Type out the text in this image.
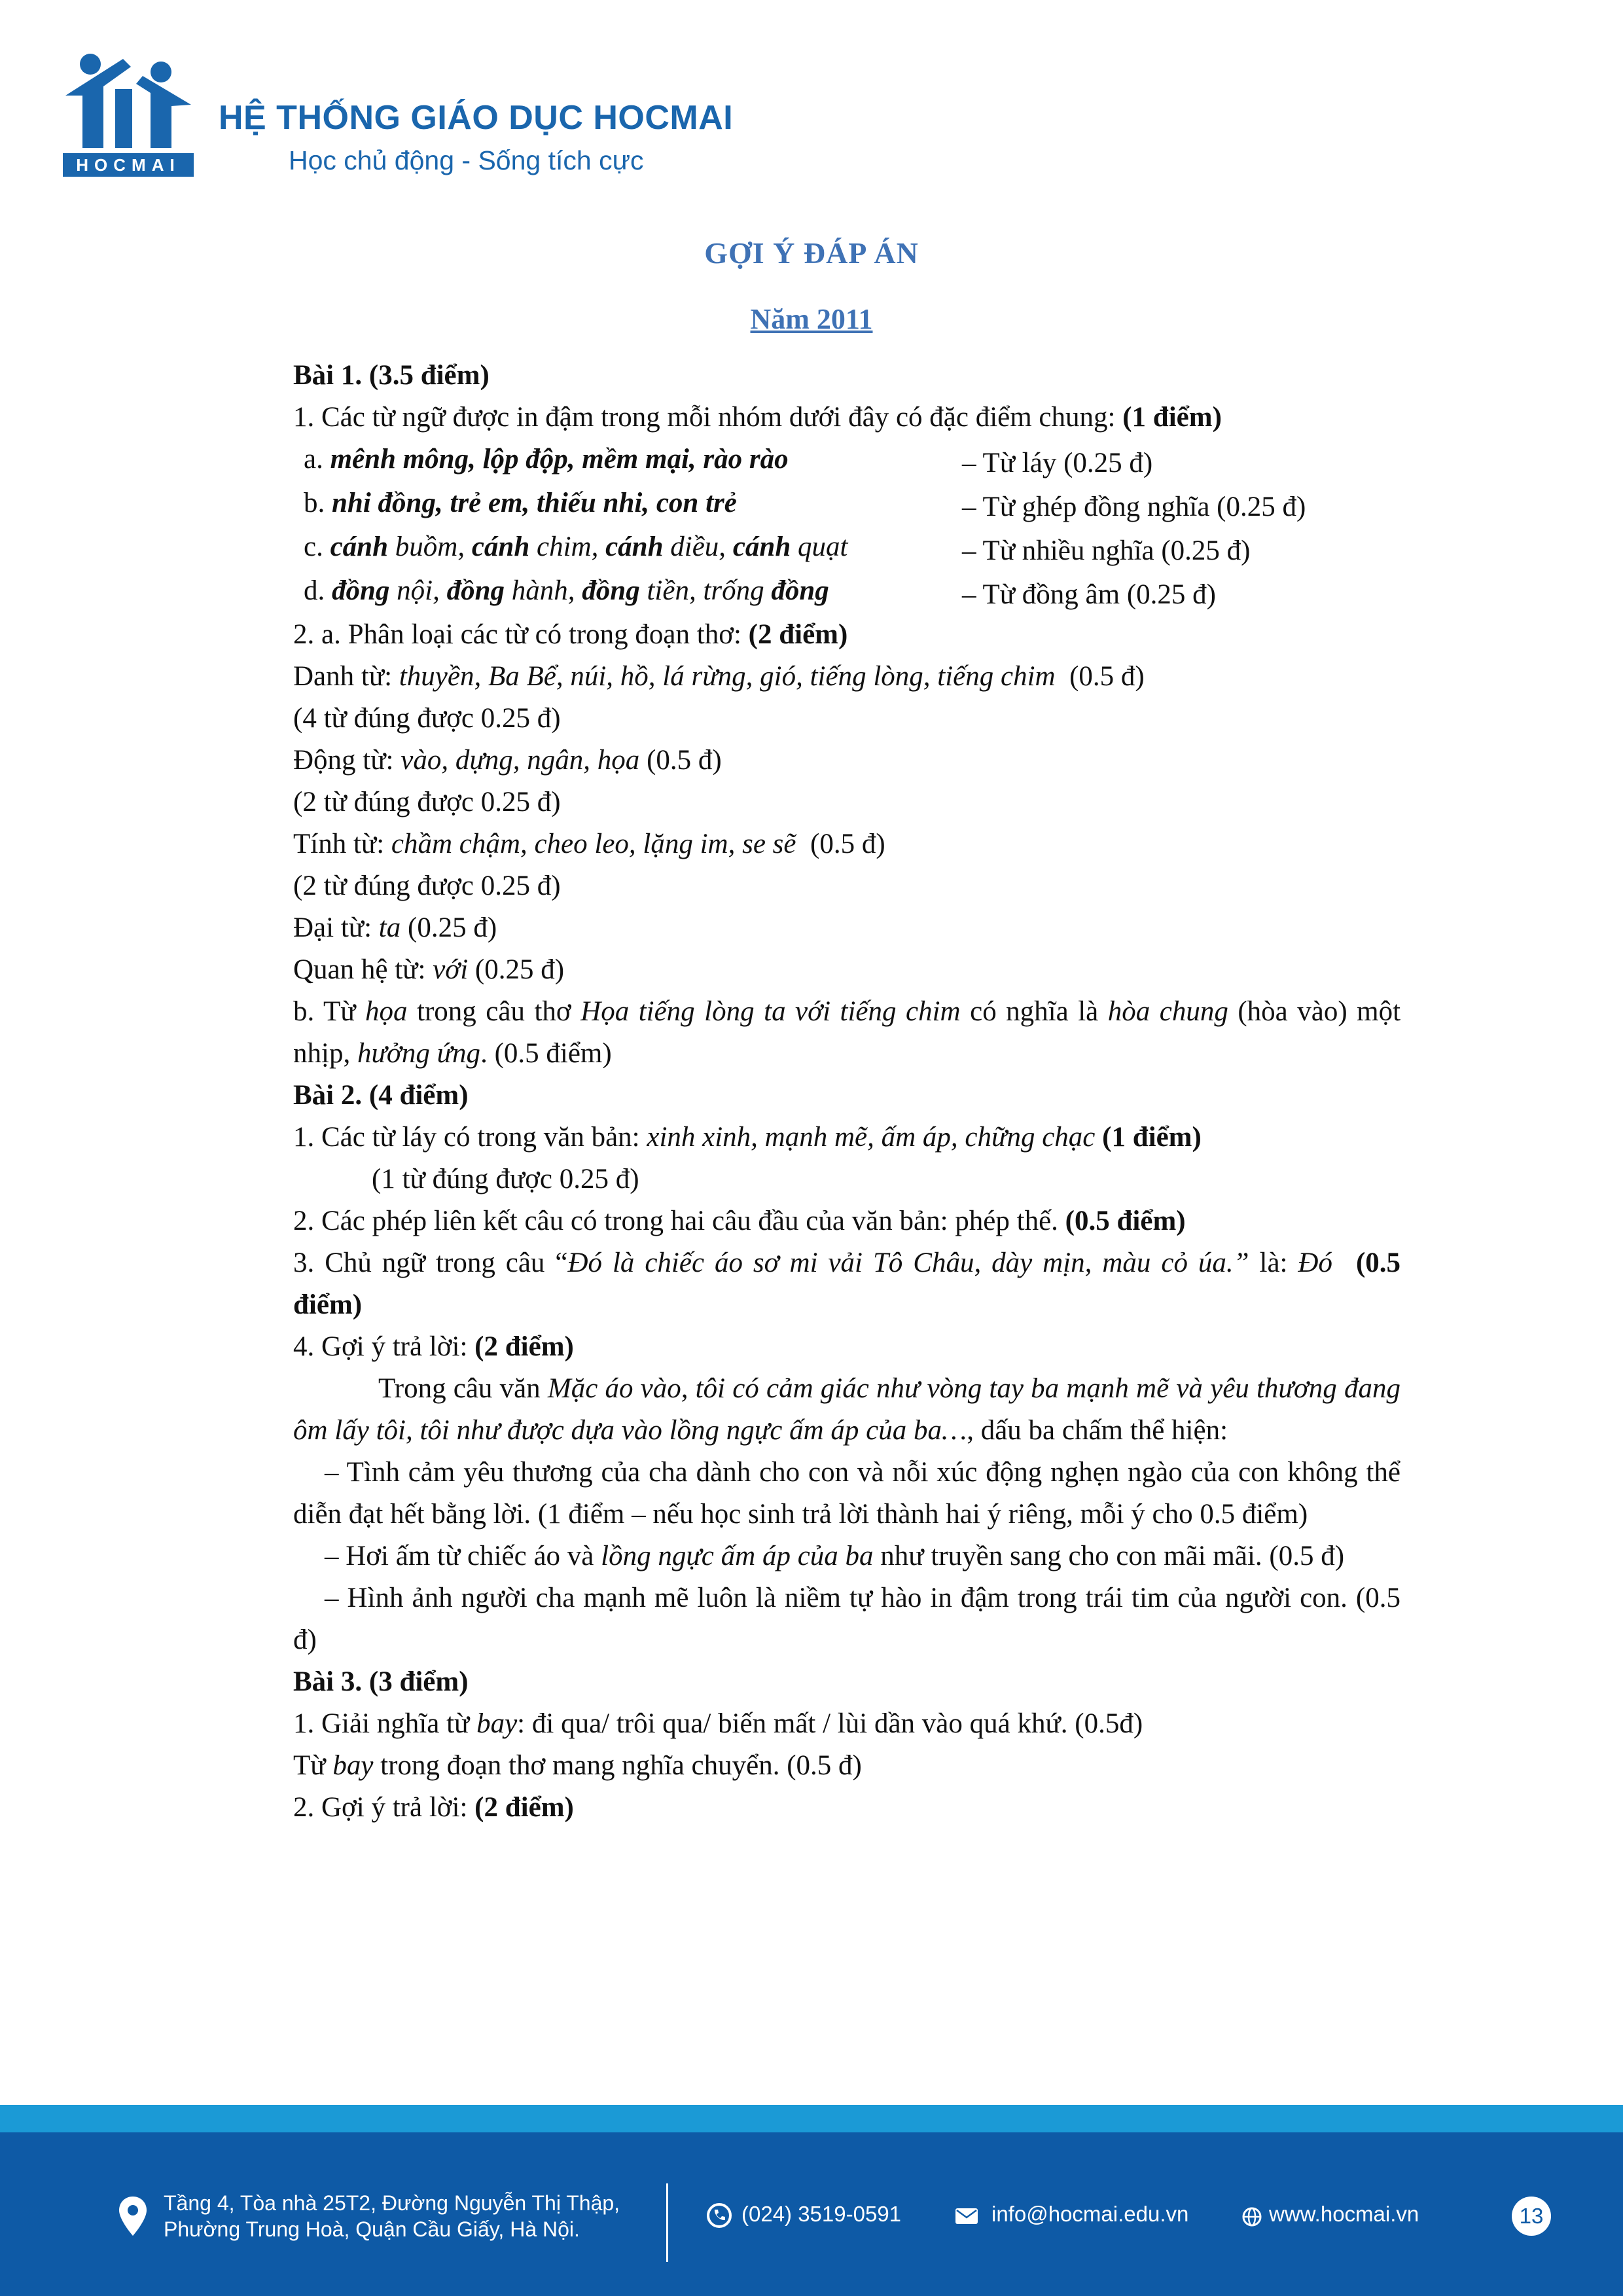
HOCMAI
HỆ THỐNG GIÁO DỤC HOCMAI
Học chủ động - Sống tích cực
GỢI Ý ĐÁP ÁN
Năm 2011
Bài 1. (3.5 điểm)
1. Các từ ngữ được in đậm trong mỗi nhóm dưới đây có đặc điểm chung: (1 điểm)
a. mênh mông, lộp độp, mềm mại, rào rào	– Từ láy (0.25 đ)
b. nhi đồng, trẻ em, thiếu nhi, con trẻ	– Từ ghép đồng nghĩa (0.25 đ)
c. cánh buồm, cánh chim, cánh diều, cánh quạt	– Từ nhiều nghĩa (0.25 đ)
d. đồng nội, đồng hành, đồng tiền, trống đồng	– Từ đồng âm (0.25 đ)
2. a. Phân loại các từ có trong đoạn thơ: (2 điểm)
Danh từ: thuyền, Ba Bể, núi, hồ, lá rừng, gió, tiếng lòng, tiếng chim  (0.5 đ)
(4 từ đúng được 0.25 đ)
Động từ: vào, dựng, ngân, họa (0.5 đ)
(2 từ đúng được 0.25 đ)
Tính từ: chầm chậm, cheo leo, lặng im, se sẽ  (0.5 đ)
(2 từ đúng được 0.25 đ)
Đại từ: ta (0.25 đ)
Quan hệ từ: với (0.25 đ)
b. Từ họa trong câu thơ Họa tiếng lòng ta với tiếng chim có nghĩa là hòa chung (hòa vào) một nhịp, hưởng ứng. (0.5 điểm)
Bài 2. (4 điểm)
1. Các từ láy có trong văn bản: xinh xinh, mạnh mẽ, ấm áp, chững chạc (1 điểm)
(1 từ đúng được 0.25 đ)
2. Các phép liên kết câu có trong hai câu đầu của văn bản: phép thế. (0.5 điểm)
3. Chủ ngữ trong câu “Đó là chiếc áo sơ mi vải Tô Châu, dày mịn, màu cỏ úa.” là: Đó (0.5 điểm)
4. Gợi ý trả lời: (2 điểm)
Trong câu văn Mặc áo vào, tôi có cảm giác như vòng tay ba mạnh mẽ và yêu thương đang ôm lấy tôi, tôi như được dựa vào lồng ngực ấm áp của ba…, dấu ba chấm thể hiện:
– Tình cảm yêu thương của cha dành cho con và nỗi xúc động nghẹn ngào của con không thể diễn đạt hết bằng lời. (1 điểm – nếu học sinh trả lời thành hai ý riêng, mỗi ý cho 0.5 điểm)
– Hơi ấm từ chiếc áo và lồng ngực ấm áp của ba như truyền sang cho con mãi mãi. (0.5 đ)
– Hình ảnh người cha mạnh mẽ luôn là niềm tự hào in đậm trong trái tim của người con. (0.5 đ)
Bài 3. (3 điểm)
1. Giải nghĩa từ bay: đi qua/ trôi qua/ biến mất / lùi dần vào quá khứ. (0.5đ)
Từ bay trong đoạn thơ mang nghĩa chuyển. (0.5 đ)
2. Gợi ý trả lời: (2 điểm)
Tầng 4, Tòa nhà 25T2, Đường Nguyễn Thị Thập,
Phường Trung Hoà, Quận Cầu Giấy, Hà Nội.
(024) 3519-0591	info@hocmai.edu.vn	www.hocmai.vn	13
